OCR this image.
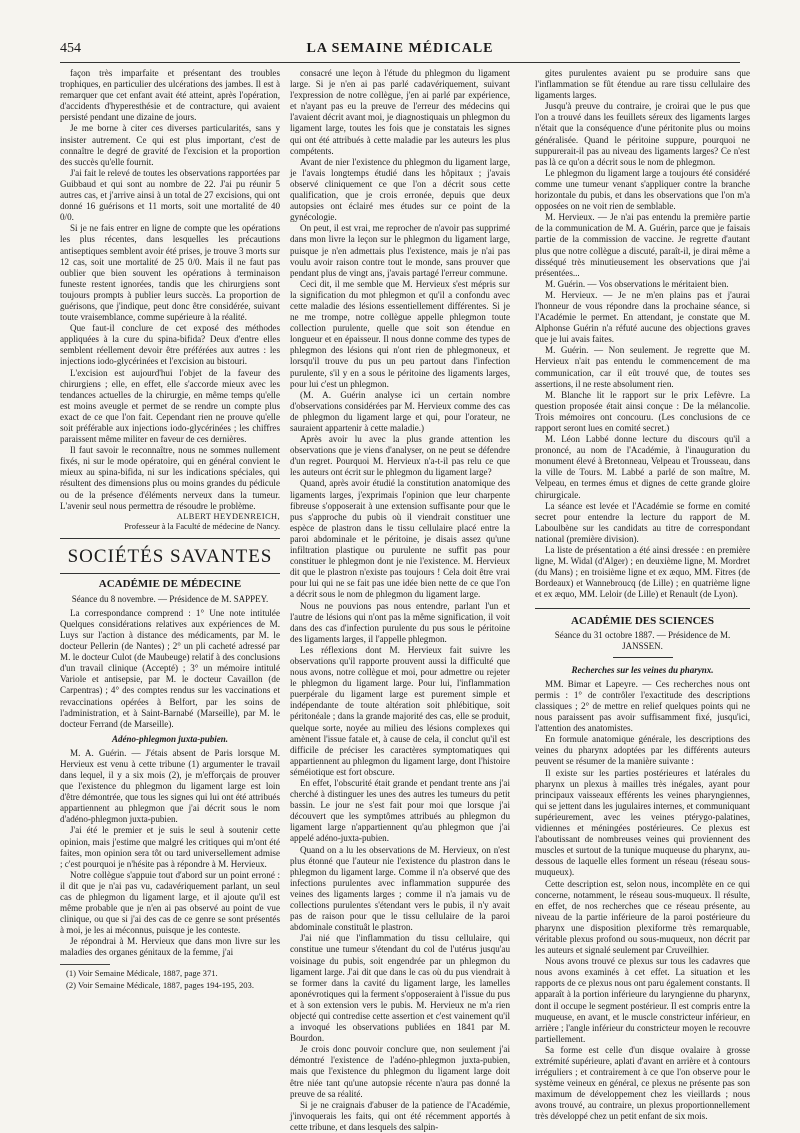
454	LA SEMAINE MÉDICALE

façon très imparfaite et présentant des troubles trophiques, en particulier des ulcérations des jambes. Il est à remarquer que cet enfant avait été atteint, après l'opération, d'accidents d'hyperesthésie et de contracture, qui avaient persisté pendant une dizaine de jours.

Je me borne à citer ces diverses particularités, sans y insister autrement. Ce qui est plus important, c'est de connaître le degré de gravité de l'excision et la proportion des succès qu'elle fournit.

J'ai fait le relevé de toutes les observations rapportées par Guibbaud et qui sont au nombre de 22. J'ai pu réunir 5 autres cas, et j'arrive ainsi à un total de 27 excisions, qui ont donné 16 guérisons et 11 morts, soit une mortalité de 40 0/0.

Si je ne fais entrer en ligne de compte que les opérations les plus récentes, dans lesquelles les précautions antiseptiques semblent avoir été prises, je trouve 3 morts sur 12 cas, soit une mortalité de 25 0/0. Mais il ne faut pas oublier que bien souvent les opérations à terminaison funeste restent ignorées, tandis que les chirurgiens sont toujours prompts à publier leurs succès. La proportion de guérisons, que j'indique, peut donc être considérée, suivant toute vraisemblance, comme supérieure à la réalité.

Que faut-il conclure de cet exposé des méthodes appliquées à la cure du spina-bifida? Deux d'entre elles semblent réellement devoir être préférées aux autres : les injections iodo-glycérinées et l'excision au bistouri.

L'excision est aujourd'hui l'objet de la faveur des chirurgiens ; elle, en effet, elle s'accorde mieux avec les tendances actuelles de la chirurgie, en même temps qu'elle est moins aveugle et permet de se rendre un compte plus exact de ce que l'on fait. Cependant rien ne prouve qu'elle soit préférable aux injections iodo-glycérinées ; les chiffres paraissent même militer en faveur de ces dernières.

Il faut savoir le reconnaître, nous ne sommes nullement fixés, ni sur le mode opératoire, qui en général convient le mieux au spina-bifida, ni sur les indications spéciales, qui résultent des dimensions plus ou moins grandes du pédicule ou de la présence d'éléments nerveux dans la tumeur. L'avenir seul nous permettra de résoudre le problème.

ALBERT HEYDENREICH,

Professeur à la Faculté de médecine de Nancy.

SOCIÉTÉS SAVANTES
ACADÉMIE DE MÉDECINE

Séance du 8 novembre. — Présidence de M. SAPPEY.

La correspondance comprend : 1° Une note intitulée Quelques considérations relatives aux expériences de M. Luys sur l'action à distance des médicaments, par M. le docteur Pellerin (de Nantes) ; 2° un pli cacheté adressé par M. le docteur Culot (de Maubeuge) relatif à des conclusions d'un travail clinique (Accepté) ; 3° un mémoire intitulé Variole et antisepsie, par M. le docteur Cavaillon (de Carpentras) ; 4° des comptes rendus sur les vaccinations et revaccinations opérées à Belfort, par les soins de l'administration, et à Saint-Barnabé (Marseille), par M. le docteur Ferrand (de Marseille).

Adéno-phlegmon juxta-pubien.

M. A. Guérin. — J'étais absent de Paris lorsque M. Hervieux est venu à cette tribune (1) argumenter le travail dans lequel, il y a six mois (2), je m'efforçais de prouver que l'existence du phlegmon du ligament large est loin d'être démontrée, que tous les signes qui lui ont été attribués appartiennent au phlegmon que j'ai décrit sous le nom d'adéno-phlegmon juxta-pubien.

J'ai été le premier et je suis le seul à soutenir cette opinion, mais j'estime que malgré les critiques qui m'ont été faites, mon opinion sera tôt ou tard universellement admise ; c'est pourquoi je n'hésite pas à répondre à M. Hervieux.

Notre collègue s'appuie tout d'abord sur un point erroné : il dit que je n'ai pas vu, cadavériquement parlant, un seul cas de phlegmon du ligament large, et il ajoute qu'il est même probable que je n'en ai pas observé au point de vue clinique, ou que si j'ai des cas de ce genre se sont présentés à moi, je les ai méconnus, puisque je les conteste.

Je répondrai à M. Hervieux que dans mon livre sur les maladies des organes génitaux de la femme, j'ai

(1) Voir Semaine Médicale, 1887, page 371.

(2) Voir Semaine Médicale, 1887, pages 194-195, 203.

consacré une leçon à l'étude du phlegmon du ligament large. Si je n'en ai pas parlé cadavériquement, suivant l'expression de notre collègue, j'en ai parlé par expérience, et n'ayant pas eu la preuve de l'erreur des médecins qui l'avaient décrit avant moi, je diagnostiquais un phlegmon du ligament large, toutes les fois que je constatais les signes qui ont été attribués à cette maladie par les auteurs les plus compétents.

Avant de nier l'existence du phlegmon du ligament large, je l'avais longtemps étudié dans les hôpitaux ; j'avais observé cliniquement ce que l'on a décrit sous cette qualification, que je crois erronée, depuis que deux autopsies ont éclairé mes études sur ce point de la gynécologie.

On peut, il est vrai, me reprocher de n'avoir pas supprimé dans mon livre la leçon sur le phlegmon du ligament large, puisque je n'en admettais plus l'existence, mais je n'ai pas voulu avoir raison contre tout le monde, sans prouver que pendant plus de vingt ans, j'avais partagé l'erreur commune.

Ceci dit, il me semble que M. Hervieux s'est mépris sur la signification du mot phlegmon et qu'il a confondu avec cette maladie des lésions essentiellement différentes. Si je ne me trompe, notre collègue appelle phlegmon toute collection purulente, quelle que soit son étendue en longueur et en épaisseur. Il nous donne comme des types de phlegmon des lésions qui n'ont rien de phlegmoneux, et lorsqu'il trouve du pus un peu partout dans l'infection purulente, s'il y en a sous le péritoine des ligaments larges, pour lui c'est un phlegmon.

(M. A. Guérin analyse ici un certain nombre d'observations considérées par M. Hervieux comme des cas de phlegmon du ligament large et qui, pour l'orateur, ne sauraient appartenir à cette maladie.)

Après avoir lu avec la plus grande attention les observations que je viens d'analyser, on ne peut se défendre d'un regret. Pourquoi M. Hervieux n'a-t-il pas relu ce que les auteurs ont écrit sur le phlegmon du ligament large?

Quand, après avoir étudié la constitution anatomique des ligaments larges, j'exprimais l'opinion que leur charpente fibreuse s'opposerait à une extension suffisante pour que le pus s'approche du pubis où il viendrait constituer une espèce de plastron dans le tissu cellulaire placé entre la paroi abdominale et le péritoine, je disais assez qu'une infiltration plastique ou purulente ne suffit pas pour constituer le phlegmon dont je nie l'existence. M. Hervieux dit que le plastron n'existe pas toujours ! Cela doit être vrai pour lui qui ne se fait pas une idée bien nette de ce que l'on a décrit sous le nom de phlegmon du ligament large.

Nous ne pouvions pas nous entendre, parlant l'un et l'autre de lésions qui n'ont pas la même signification, il voit dans des cas d'infection purulente du pus sous le péritoine des ligaments larges, il l'appelle phlegmon.

Les réflexions dont M. Hervieux fait suivre les observations qu'il rapporte prouvent aussi la difficulté que nous avons, notre collègue et moi, pour admettre ou rejeter le phlegmon du ligament large. Pour lui, l'inflammation puerpérale du ligament large est purement simple et indépendante de toute altération soit phlébitique, soit péritonéale ; dans la grande majorité des cas, elle se produit, quelque sorte, noyée au milieu des lésions complexes qui amènent l'issue fatale et, à cause de cela, il conclut qu'il est difficile de préciser les caractères symptomatiques qui appartiennent au phlegmon du ligament large, dont l'histoire séméiotique est fort obscure.

En effet, l'obscurité était grande et pendant trente ans j'ai cherché à distinguer les unes des autres les tumeurs du petit bassin. Le jour ne s'est fait pour moi que lorsque j'ai découvert que les symptômes attribués au phlegmon du ligament large n'appartiennent qu'au phlegmon que j'ai appelé adéno-juxta-pubien.

Quand on a lu les observations de M. Hervieux, on n'est plus étonné que l'auteur nie l'existence du plastron dans le phlegmon du ligament large. Comme il n'a observé que des infections purulentes avec inflammation suppurée des veines des ligaments larges ; comme il n'a jamais vu de collections purulentes s'étendant vers le pubis, il n'y avait pas de raison pour que le tissu cellulaire de la paroi abdominale constituât le plastron.

J'ai nié que l'inflammation du tissu cellulaire, qui constitue une tumeur s'étendant du col de l'utérus jusqu'au voisinage du pubis, soit engendrée par un phlegmon du ligament large. J'ai dit que dans le cas où du pus viendrait à se former dans la cavité du ligament large, les lamelles aponévrotiques qui la ferment s'opposeraient à l'issue du pus et à son extension vers le pubis. M. Hervieux ne m'a rien objecté qui contredise cette assertion et c'est vainement qu'il a invoqué les observations publiées en 1841 par M. Bourdon.

Je crois donc pouvoir conclure que, non seulement j'ai démontré l'existence de l'adéno-phlegmon juxta-pubien, mais que l'existence du phlegmon du ligament large doit être niée tant qu'une autopsie récente n'aura pas donné la preuve de sa réalité.

Si je ne craignais d'abuser de la patience de l'Académie, j'invoquerais les faits, qui ont été récemment apportés à cette tribune, et dans lesquels des salpin-

gites purulentes avaient pu se produire sans que l'inflammation se fût étendue au rare tissu cellulaire des ligaments larges.

Jusqu'à preuve du contraire, je croirai que le pus que l'on a trouvé dans les feuillets séreux des ligaments larges n'était que la conséquence d'une péritonite plus ou moins généralisée. Quand le péritoine suppure, pourquoi ne suppurerait-il pas au niveau des ligaments larges? Ce n'est pas là ce qu'on a décrit sous le nom de phlegmon.

Le phlegmon du ligament large a toujours été considéré comme une tumeur venant s'appliquer contre la branche horizontale du pubis, et dans les observations que l'on m'a opposées on ne voit rien de semblable.

M. Hervieux. — Je n'ai pas entendu la première partie de la communication de M. A. Guérin, parce que je faisais partie de la commission de vaccine. Je regrette d'autant plus que notre collègue a discuté, paraît-il, je dirai même a disséqué très minutieusement les observations que j'ai présentées...

M. Guérin. — Vos observations le méritaient bien.

M. Hervieux. — Je ne m'en plains pas et j'aurai l'honneur de vous répondre dans la prochaine séance, si l'Académie le permet. En attendant, je constate que M. Alphonse Guérin n'a réfuté aucune des objections graves que je lui avais faites.

M. Guérin. — Non seulement. Je regrette que M. Hervieux n'ait pas entendu le commencement de ma communication, car il eût trouvé que, de toutes ses assertions, il ne reste absolument rien.

M. Blanche lit le rapport sur le prix Lefèvre. La question proposée était ainsi conçue : De la mélancolie. Trois mémoires ont concouru. (Les conclusions de ce rapport seront lues en comité secret.)

M. Léon Labbé donne lecture du discours qu'il a prononcé, au nom de l'Académie, à l'inauguration du monument élevé à Bretonneau, Velpeau et Trousseau, dans la ville de Tours. M. Labbé a parlé de son maître, M. Velpeau, en termes émus et dignes de cette grande gloire chirurgicale.

La séance est levée et l'Académie se forme en comité secret pour entendre la lecture du rapport de M. Laboulbène sur les candidats au titre de correspondant national (première division).

La liste de présentation a été ainsi dressée : en première ligne, M. Widal (d'Alger) ; en deuxième ligne, M. Mordret (du Mans) ; en troisième ligne et ex æquo, MM. Fitres (de Bordeaux) et Wannebroucq (de Lille) ; en quatrième ligne et ex æquo, MM. Leloir (de Lille) et Renault (de Lyon).

ACADÉMIE DES SCIENCES

Séance du 31 octobre 1887. — Présidence de M. JANSSEN.

Recherches sur les veines du pharynx.

MM. Bimar et Lapeyre. — Ces recherches nous ont permis : 1° de contrôler l'exactitude des descriptions classiques ; 2° de mettre en relief quelques points qui ne nous paraissent pas avoir suffisamment fixé, jusqu'ici, l'attention des anatomistes.

En formule anatomique générale, les descriptions des veines du pharynx adoptées par les différents auteurs peuvent se résumer de la manière suivante :

Il existe sur les parties postérieures et latérales du pharynx un plexus à mailles très inégales, ayant pour principaux vaisseaux efférents les veines pharyngiennes, qui se jettent dans les jugulaires internes, et communiquant supérieurement, avec les veines ptérygo-palatines, vidiennes et méningées postérieures. Ce plexus est l'aboutissant de nombreuses veines qui proviennent des muscles et surtout de la tunique muqueuse du pharynx, au-dessous de laquelle elles forment un réseau (réseau sous-muqueux).

Cette description est, selon nous, incomplète en ce qui concerne, notamment, le réseau sous-muqueux. Il résulte, en effet, de nos recherches que ce réseau présente, au niveau de la partie inférieure de la paroi postérieure du pharynx une disposition plexiforme très remarquable, véritable plexus profond ou sous-muqueux, non décrit par les auteurs et signalé seulement par Cruveilhier.

Nous avons trouvé ce plexus sur tous les cadavres que nous avons examinés à cet effet. La situation et les rapports de ce plexus nous ont paru également constants. Il apparaît à la portion inférieure du laryngienne du pharynx, dont il occupe le segment postérieur. Il est compris entre la muqueuse, en avant, et le muscle constricteur inférieur, en arrière ; l'angle inférieur du constricteur moyen le recouvre partiellement.

Sa forme est celle d'un disque ovalaire à grosse extrémité supérieure, aplati d'avant en arrière et à contours irréguliers ; et contrairement à ce que l'on observe pour le système veineux en général, ce plexus ne présente pas son maximum de développement chez les vieillards ; nous avons trouvé, au contraire, un plexus proportionnellement très développé chez un petit enfant de six mois.
